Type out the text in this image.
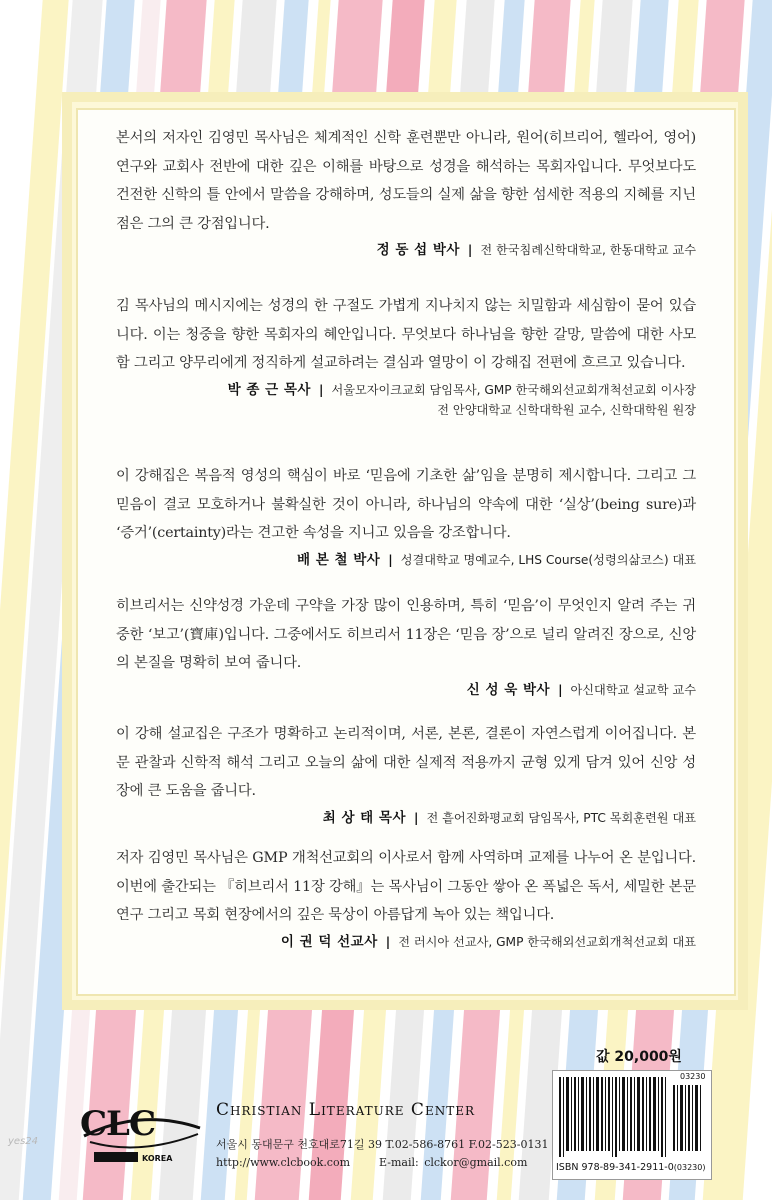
본서의 저자인 김영민 목사님은 체계적인 신학 훈련뿐만 아니라, 원어(히브리어, 헬라어, 영어) 연구와 교회사 전반에 대한 깊은 이해를 바탕으로 성경을 해석하는 목회자입니다. 무엇보다도 건전한 신학의 틀 안에서 말씀을 강해하며, 성도들의 실제 삶을 향한 섬세한 적용의 지혜를 지닌 점은 그의 큰 강점입니다.

정 동 섭 박사 | 전 한국침례신학대학교, 한동대학교 교수

김 목사님의 메시지에는 성경의 한 구절도 가볍게 지나치지 않는 치밀함과 세심함이 묻어 있습니다. 이는 청중을 향한 목회자의 혜안입니다. 무엇보다 하나님을 향한 갈망, 말씀에 대한 사모함 그리고 양무리에게 정직하게 설교하려는 결심과 열망이 이 강해집 전편에 흐르고 있습니다.

박 종 근 목사 | 서울모자이크교회 담임목사, GMP 한국해외선교회개척선교회 이사장
전 안양대학교 신학대학원 교수, 신학대학원 원장

이 강해집은 복음적 영성의 핵심이 바로 ‘믿음에 기초한 삶’임을 분명히 제시합니다. 그리고 그 믿음이 결코 모호하거나 불확실한 것이 아니라, 하나님의 약속에 대한 ‘실상’(being sure)과 ‘증거’(certainty)라는 견고한 속성을 지니고 있음을 강조합니다.

배 본 철 박사 | 성결대학교 명예교수, LHS Course(성령의삶코스) 대표

히브리서는 신약성경 가운데 구약을 가장 많이 인용하며, 특히 ‘믿음’이 무엇인지 알려 주는 귀중한 ‘보고’(寶庫)입니다. 그중에서도 히브리서 11장은 ‘믿음 장’으로 널리 알려진 장으로, 신앙의 본질을 명확히 보여 줍니다.

신 성 욱 박사 | 아신대학교 설교학 교수

이 강해 설교집은 구조가 명확하고 논리적이며, 서론, 본론, 결론이 자연스럽게 이어집니다. 본문 관찰과 신학적 해석 그리고 오늘의 삶에 대한 실제적 적용까지 균형 있게 담겨 있어 신앙 성장에 큰 도움을 줍니다.

최 상 태 목사 | 전 흩어진화평교회 담임목사, PTC 목회훈련원 대표

저자 김영민 목사님은 GMP 개척선교회의 이사로서 함께 사역하며 교제를 나누어 온 분입니다. 이번에 출간되는 『히브리서 11장 강해』는 목사님이 그동안 쌓아 온 폭넓은 독서, 세밀한 본문 연구 그리고 목회 현장에서의 깊은 묵상이 아름답게 녹아 있는 책입니다.

이 권 덕 선교사 | 전 러시아 선교사, GMP 한국해외선교회개척선교회 대표
값 20,000원
03230
ISBN 978-89-341-2911-0(03230)
CLC
KOREA
Christian Literature Center
서울시 동대문구 천호대로71길 39 T.02-586-8761 F.02-523-0131
http://www.clcbook.com	E-mail: clckor@gmail.com
yes24
